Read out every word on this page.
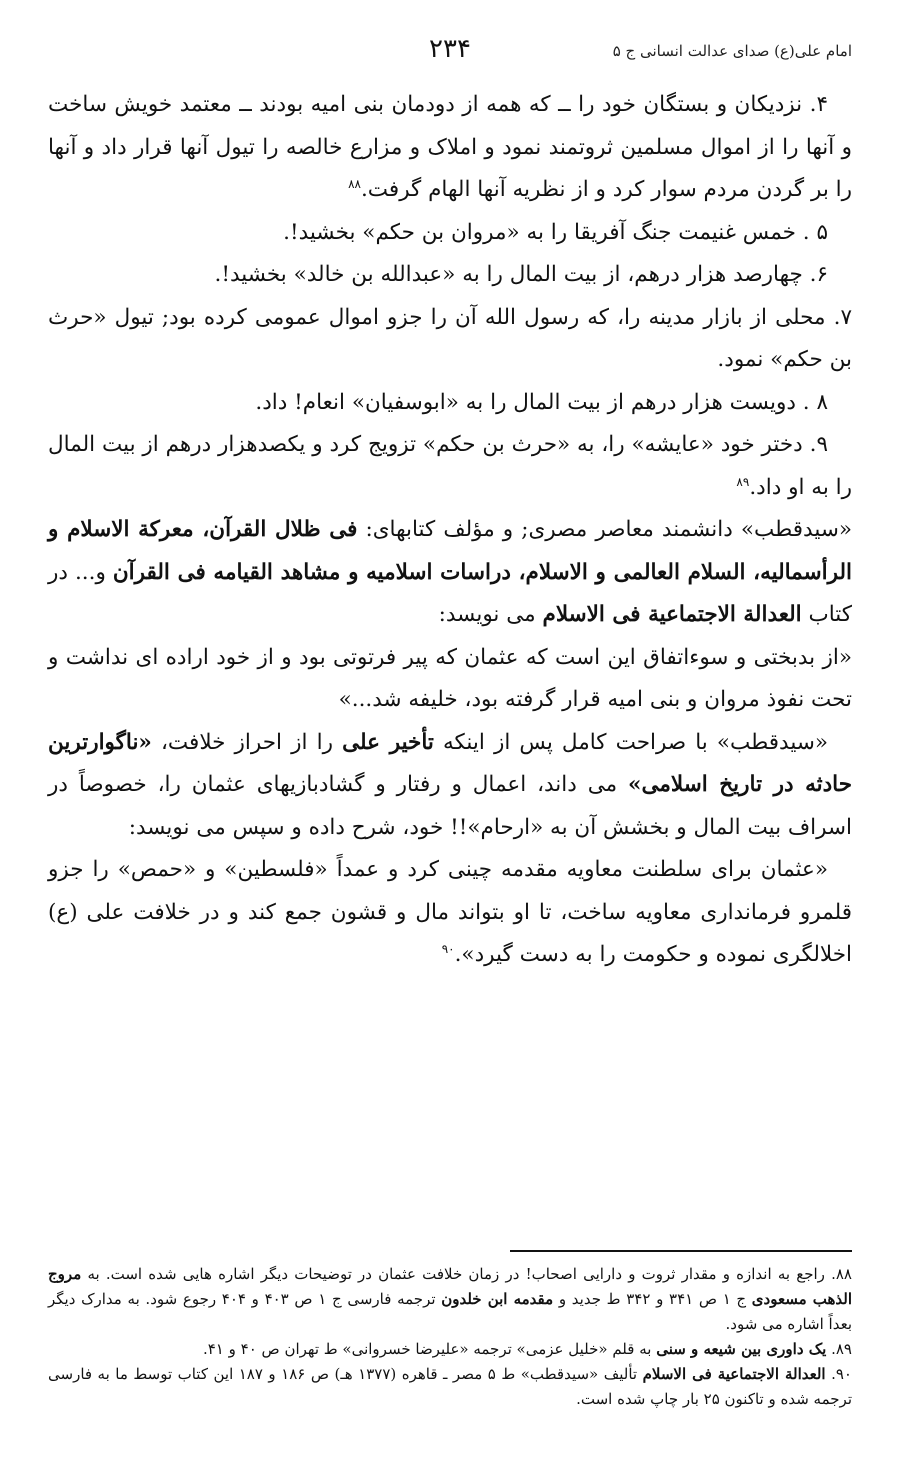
امام علی(ع) صدای عدالت انسانی ج ۵
۲۳۴

۴. نزدیکان و بستگان خود را ــ که همه از دودمان بنی امیه بودند ــ معتمد خویش ساخت و آنها را از اموال مسلمین ثروتمند نمود و املاک و مزارع خالصه را تیول آنها قرار داد و آنها را بر گردن مردم سوار کرد و از نظریه آنها الهام گرفت.$^{۸۸}$

۵ . خمس غنیمت جنگ آفریقا را به «مروان بن حکم» بخشید!.

۶. چهارصد هزار درهم، از بیت المال را به «عبدالله بن خالد» بخشید!.

۷. محلی از بازار مدینه را، که رسول الله آن را جزو اموال عمومی کرده بود; تیول «حرث بن حکم» نمود.

۸ . دویست هزار درهم از بیت المال را به «ابوسفیان» انعام! داد.

۹. دختر خود «عایشه» را، به «حرث بن حکم» تزویج کرد و یکصدهزار درهم از بیت المال را به او داد.$^{۸۹}$

«سیدقطب» دانشمند معاصر مصری; و مؤلف کتابهای: فی ظلال القرآن، معرکة الاسلام و الرأسمالیه، السلام العالمی و الاسلام، دراسات اسلامیه و مشاهد القیامه فی القرآن و... در کتاب العدالة الاجتماعیة فی الاسلام می نویسد:

«از بدبختی و سوءاتفاق این است که عثمان که پیر فرتوتی بود و از خود اراده ای نداشت و تحت نفوذ مروان و بنی امیه قرار گرفته بود، خلیفه شد...»

«سیدقطب» با صراحت کامل پس از اینکه تأخیر علی را از احراز خلافت، «ناگوارترین حادثه در تاریخ اسلامی» می داند، اعمال و رفتار و گشادبازیهای عثمان را، خصوصاً در اسراف بیت المال و بخشش آن به «ارحام»!! خود، شرح داده و سپس می نویسد:

«عثمان برای سلطنت معاویه مقدمه چینی کرد و عمداً «فلسطین» و «حمص» را جزو قلمرو فرمانداری معاویه ساخت، تا او بتواند مال و قشون جمع کند و در خلافت علی (ع) اخلالگری نموده و حکومت را به دست گیرد».$^{۹۰}$

۸۸. راجع به اندازه و مقدار ثروت و دارایی اصحاب! در زمان خلافت عثمان در توضیحات دیگر اشاره هایی شده است. به مروج الذهب مسعودی ج ۱ ص ۳۴۱ و ۳۴۲ ط جدید و مقدمه ابن خلدون ترجمه فارسی ج ۱ ص ۴۰۳ و ۴۰۴ رجوع شود. به مدارک دیگر بعداً اشاره می شود.

۸۹. یک داوری بین شیعه و سنی به قلم «خلیل عزمی» ترجمه «علیرضا خسروانی» ط تهران ص ۴۰ و ۴۱.

۹۰. العدالة الاجتماعیة فی الاسلام تألیف «سیدقطب» ط ۵ مصر ـ قاهره (۱۳۷۷ هـ) ص ۱۸۶ و ۱۸۷ این کتاب توسط ما به فارسی ترجمه شده و تاکنون ۲۵ بار چاپ شده است.
